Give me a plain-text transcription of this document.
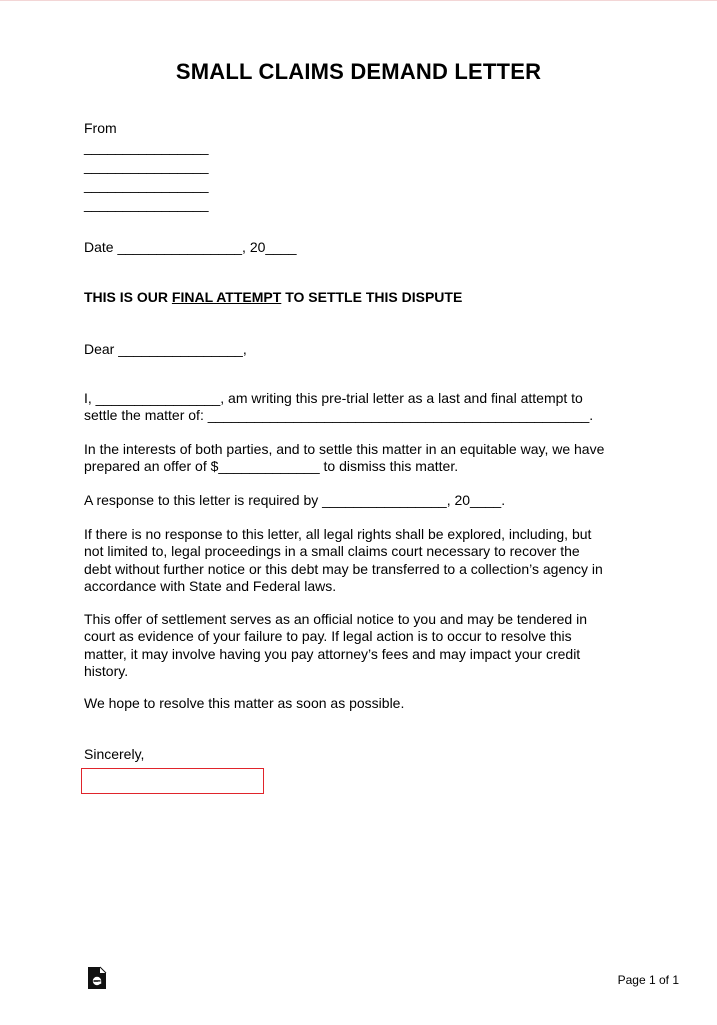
SMALL CLAIMS DEMAND LETTER
From
________________
________________
________________
________________
Date ________________, 20____
THIS IS OUR FINAL ATTEMPT TO SETTLE THIS DISPUTE
Dear ________________,
I, ________________, am writing this pre-trial letter as a last and final attempt to
settle the matter of: _________________________________________________.
In the interests of both parties, and to settle this matter in an equitable way, we have
prepared an offer of $_____________ to dismiss this matter.
A response to this letter is required by ________________, 20____.
If there is no response to this letter, all legal rights shall be explored, including, but
not limited to, legal proceedings in a small claims court necessary to recover the
debt without further notice or this debt may be transferred to a collection’s agency in
accordance with State and Federal laws.
This offer of settlement serves as an official notice to you and may be tendered in
court as evidence of your failure to pay. If legal action is to occur to resolve this
matter, it may involve having you pay attorney’s fees and may impact your credit
history.
We hope to resolve this matter as soon as possible.
Sincerely,
Page 1 of 1
